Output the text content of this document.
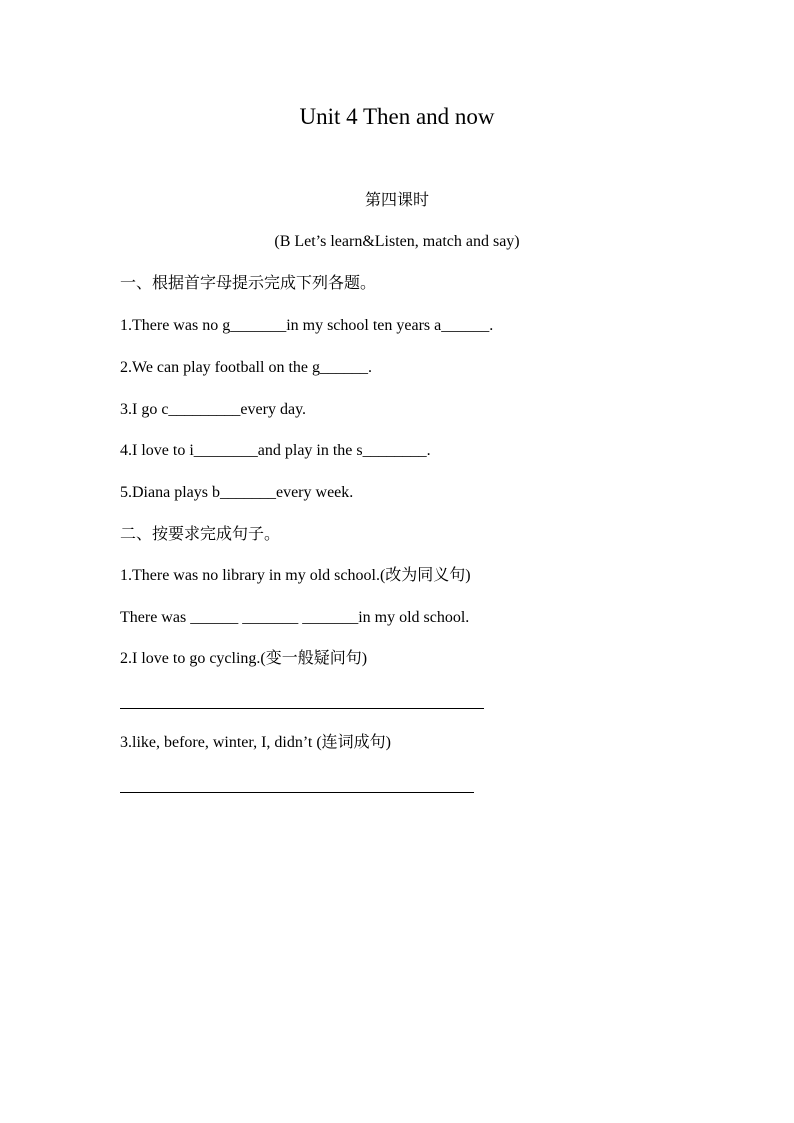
Unit 4 Then and now
第四课时
(B Let’s learn&Listen, match and say)
一、根据首字母提示完成下列各题。
1.There was no g_______in my school ten years a______.
2.We can play football on the g______.
3.I go c_________every day.
4.I love to i________and play in the s________.
5.Diana plays b_______every week.
二、按要求完成句子。
1.There was no library in my old school.(改为同义句)
There was ______ _______ _______in my old school.
2.I love to go cycling.(变一般疑问句)
3.like, before, winter, I, didn’t (连词成句)
